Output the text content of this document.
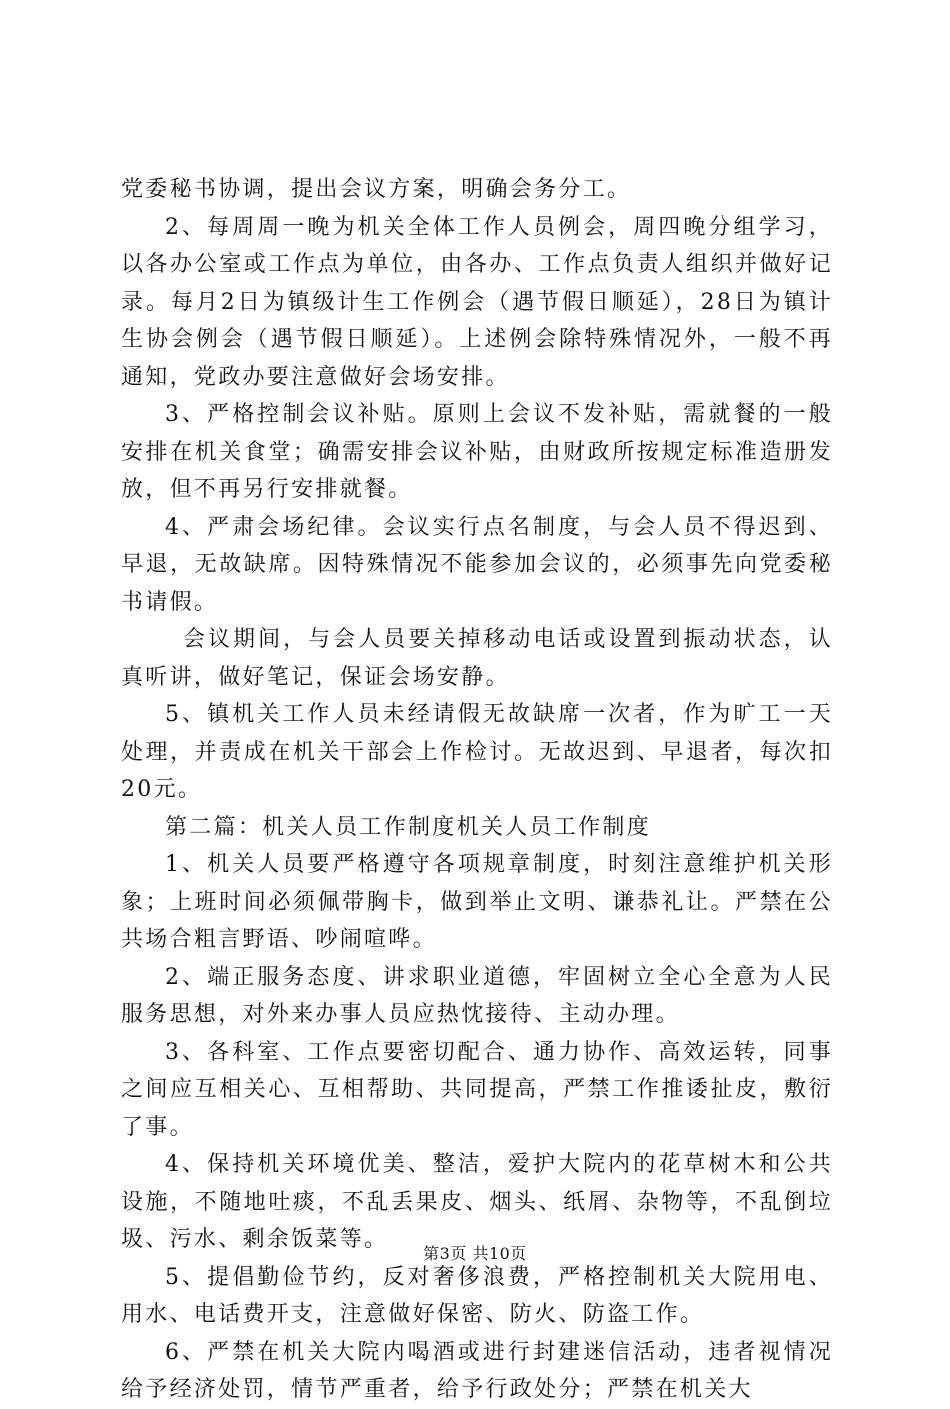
党委秘书协调，提出会议方案，明确会务分工。

2、每周周一晚为机关全体工作人员例会，周四晚分组学习，以各办公室或工作点为单位，由各办、工作点负责人组织并做好记录。每月2日为镇级计生工作例会（遇节假日顺延），28日为镇计生协会例会（遇节假日顺延）。上述例会除特殊情况外，一般不再通知，党政办要注意做好会场安排。

3、严格控制会议补贴。原则上会议不发补贴，需就餐的一般安排在机关食堂；确需安排会议补贴，由财政所按规定标准造册发放，但不再另行安排就餐。

4、严肃会场纪律。会议实行点名制度，与会人员不得迟到、早退，无故缺席。因特殊情况不能参加会议的，必须事先向党委秘书请假。

会议期间，与会人员要关掉移动电话或设置到振动状态，认真听讲，做好笔记，保证会场安静。

5、镇机关工作人员未经请假无故缺席一次者，作为旷工一天处理，并责成在机关干部会上作检讨。无故迟到、早退者，每次扣20元。

第二篇：机关人员工作制度机关人员工作制度

1、机关人员要严格遵守各项规章制度，时刻注意维护机关形象；上班时间必须佩带胸卡，做到举止文明、谦恭礼让。严禁在公共场合粗言野语、吵闹喧哗。

2、端正服务态度、讲求职业道德，牢固树立全心全意为人民服务思想，对外来办事人员应热忱接待、主动办理。

3、各科室、工作点要密切配合、通力协作、高效运转，同事之间应互相关心、互相帮助、共同提高，严禁工作推诿扯皮，敷衍了事。

4、保持机关环境优美、整洁，爱护大院内的花草树木和公共设施，不随地吐痰，不乱丢果皮、烟头、纸屑、杂物等，不乱倒垃圾、污水、剩余饭菜等。

5、提倡勤俭节约，反对奢侈浪费，严格控制机关大院用电、用水、电话费开支，注意做好保密、防火、防盗工作。

6、严禁在机关大院内喝酒或进行封建迷信活动，违者视情况给予经济处罚，情节严重者，给予行政处分；严禁在机关大

第3页 共10页
